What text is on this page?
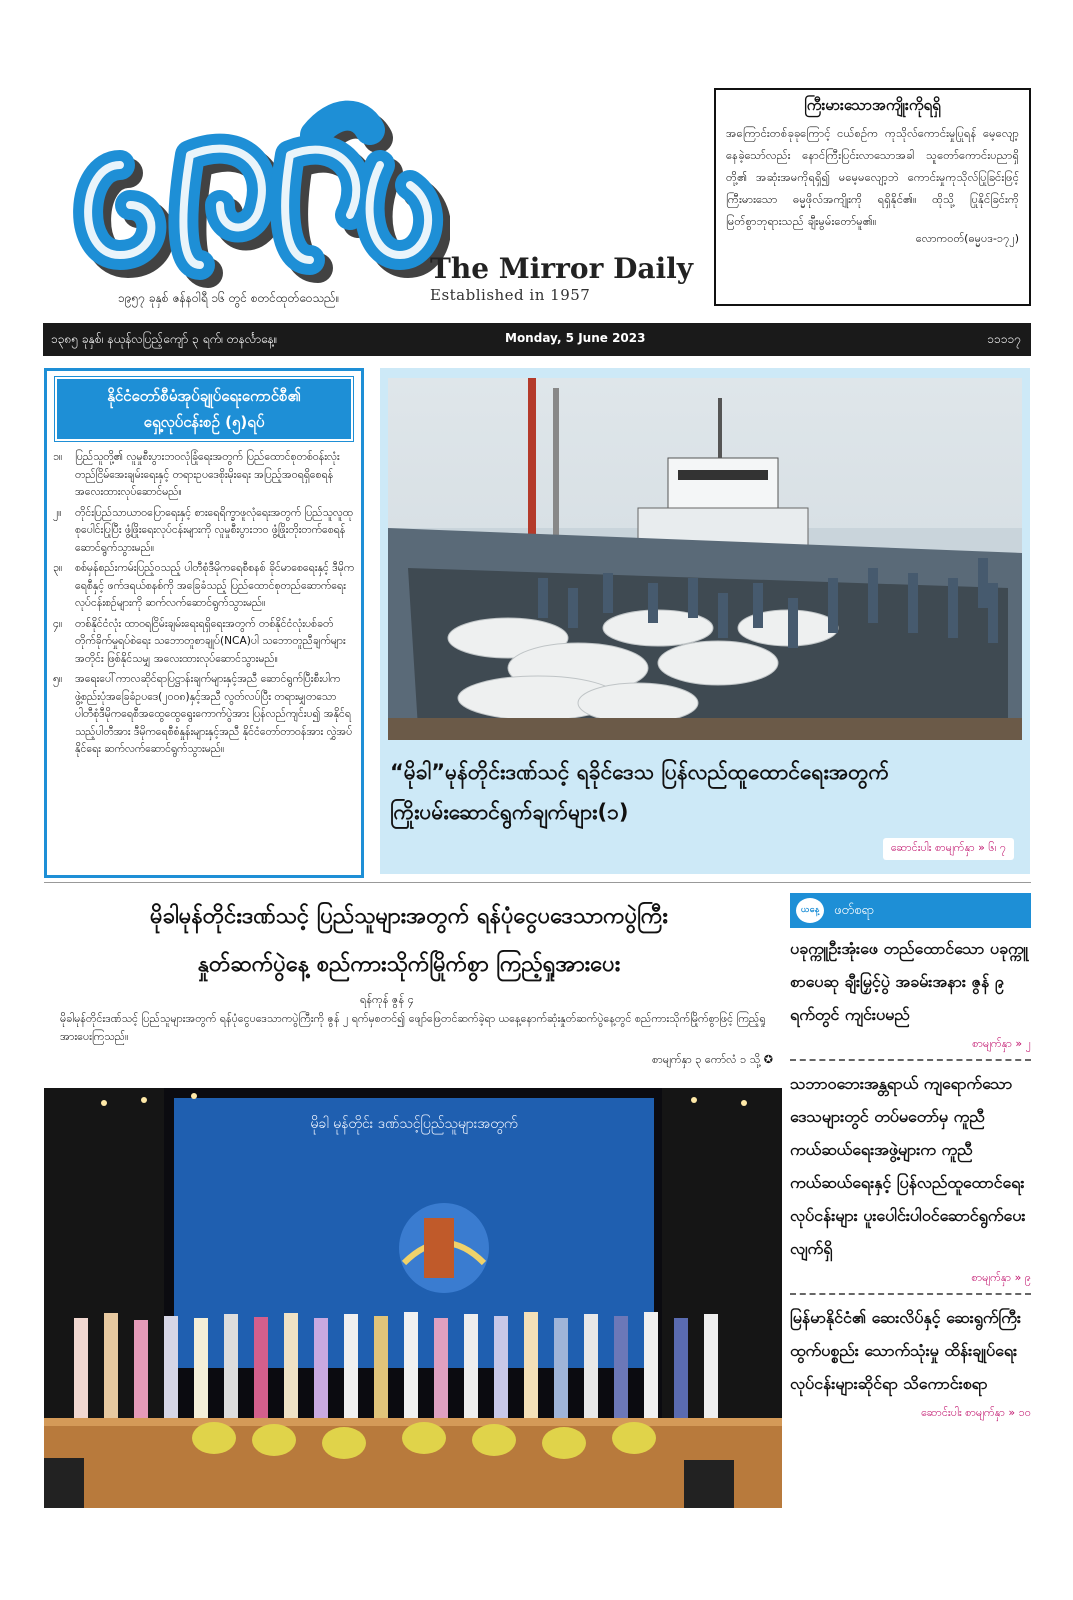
၁၉၅၇ ခုနှစ် ဇန်နဝါရီ ၁၆ တွင် စတင်ထုတ်ဝေသည်။
The Mirror Daily
Established in 1957
ကြီးမားသောအကျိုးကိုရရှိ
အကြောင်းတစ်ခုခုကြောင့် ငယ်စဉ်က ကုသိုလ်ကောင်းမှုပြုရန် မေ့လျော့နေခဲ့သော်လည်း နောင်ကြီးပြင်းလာသောအခါ သူတော်ကောင်းပညာရှိတို့၏ အဆုံးအမကိုရရှိ၍ မမေ့မလျော့ဘဲ ကောင်းမှုကုသိုလ်ပြုခြင်းဖြင့် ကြီးမားသော ဓမ္မဖိုလ်အကျိုးကို ရရှိနိုင်၏။ ထိုသို့ ပြုနိုင်ခြင်းကို မြတ်စွာဘုရားသည် ချီးမွမ်းတော်မူ၏။
လောကဝတ်(ဓမ္မပဒ-၁၇၂)
၁၃၈၅ ခုနှစ်၊ နယုန်လပြည့်ကျော် ၃ ရက်၊ တနင်္လာနေ့။	Monday, 5 June 2023	၁၁၁၁၇
နိုင်ငံတော်စီမံအုပ်ချုပ်ရေးကောင်စီ၏
ရှေ့လုပ်ငန်းစဉ် (၅)ရပ်
၁။	ပြည်သူတို့၏ လူမှုစီးပွားဘဝလုံခြုံရေးအတွက် ပြည်ထောင်စုတစ်ဝန်းလုံး တည်ငြိမ်အေးချမ်းရေးနှင့် တရားဥပဒေစိုးမိုးရေး အပြည့်အဝရရှိစေရန် အလေးထားလုပ်ဆောင်မည်။
၂။	တိုင်းပြည်သာယာဝပြောရေးနှင့် စားရေရိက္ခာဖူလုံရေးအတွက် ပြည်သူလူထုစုပေါင်းပြုပြီး ဖွံ့ဖြိုးရေးလုပ်ငန်းများကို လူမှုစီးပွားဘဝ ဖွံ့ဖြိုးတိုးတက်စေရန် ဆောင်ရွက်သွားမည်။
၃။	စစ်မှန်စည်းကမ်းပြည့်ဝသည့် ပါတီစုံဒီမိုကရေစီစနစ် ခိုင်မာစေရေးနှင့် ဒီမိုကရေစီနှင့် ဖက်ဒရယ်စနစ်ကို အခြေခံသည့် ပြည်ထောင်စုတည်ဆောက်ရေး လုပ်ငန်းစဉ်များကို ဆက်လက်ဆောင်ရွက်သွားမည်။
၄။	တစ်နိုင်ငံလုံး ထာဝရငြိမ်းချမ်းရေးရရှိရေးအတွက် တစ်နိုင်ငံလုံးပစ်ခတ်တိုက်ခိုက်မှုရပ်စဲရေး သဘောတူစာချုပ်(NCA)ပါ သဘောတူညီချက်များအတိုင်း ဖြစ်နိုင်သမျှ အလေးထားလုပ်ဆောင်သွားမည်။
၅။	အရေးပေါ်ကာလဆိုင်ရာပြဋ္ဌာန်းချက်များနှင့်အညီ ဆောင်ရွက်ပြီးစီးပါက ဖွဲ့စည်းပုံအခြေခံဥပဒေ(၂၀၀၈)နှင့်အညီ လွတ်လပ်ပြီး တရားမျှတသော ပါတီစုံဒီမိုကရေစီအထွေထွေရွေးကောက်ပွဲအား ပြန်လည်ကျင်းပ၍ အနိုင်ရသည့်ပါတီအား ဒီမိုကရေစီစံနှုန်းများနှင့်အညီ နိုင်ငံတော်တာဝန်အား လွှဲအပ်နိုင်ရေး ဆက်လက်ဆောင်ရွက်သွားမည်။
“မိုခါ”မုန်တိုင်းဒဏ်သင့် ရခိုင်ဒေသ ပြန်လည်ထူထောင်ရေးအတွက်
ကြိုးပမ်းဆောင်ရွက်ချက်များ(၁)
ဆောင်းပါး စာမျက်နှာ » ၆၊ ၇
မိုခါမုန်တိုင်းဒဏ်သင့် ပြည်သူများအတွက် ရန်ပုံငွေပဒေသာကပွဲကြီး
နှုတ်ဆက်ပွဲနေ့ စည်ကားသိုက်မြိုက်စွာ ကြည့်ရှုအားပေး
ရန်ကုန် ဇွန် ၄
မိုခါမုန်တိုင်းဒဏ်သင့် ပြည်သူများအတွက် ရန်ပုံငွေပဒေသာကပွဲကြီးကို ဇွန် ၂ ရက်မှစတင်၍ ဖျော်ဖြေတင်ဆက်ခဲ့ရာ ယနေ့နောက်ဆုံးနှုတ်ဆက်ပွဲနေ့တွင် စည်ကားသိုက်မြိုက်စွာဖြင့် ကြည့်ရှုအားပေးကြသည်။
စာမျက်နှာ ၃ ကော်လံ ၁ သို့ ✪
မိုခါ မုန်တိုင်း ဒဏ်သင့်ပြည်သူများအတွက်
ယနေ့	ဖတ်စရာ
ပခုက္ကူဦးအုံးဖေ တည်ထောင်သော ပခုက္ကူစာပေဆု ချီးမြှင့်ပွဲ အခမ်းအနား ဇွန် ၉ ရက်တွင် ကျင်းပမည်
စာမျက်နှာ » ၂
သဘာဝဘေးအန္တရာယ် ကျရောက်သော ဒေသများတွင် တပ်မတော်မှ ကူညီကယ်ဆယ်ရေးအဖွဲ့များက ကူညီကယ်ဆယ်ရေးနှင့် ပြန်လည်ထူထောင်ရေးလုပ်ငန်းများ ပူးပေါင်းပါဝင်ဆောင်ရွက်ပေးလျက်ရှိ
စာမျက်နှာ » ၉
မြန်မာနိုင်ငံ၏ ဆေးလိပ်နှင့် ဆေးရွက်ကြီးထွက်ပစ္စည်း သောက်သုံးမှု ထိန်းချုပ်ရေးလုပ်ငန်းများဆိုင်ရာ သိကောင်းစရာ
ဆောင်းပါး စာမျက်နှာ » ၁၀
